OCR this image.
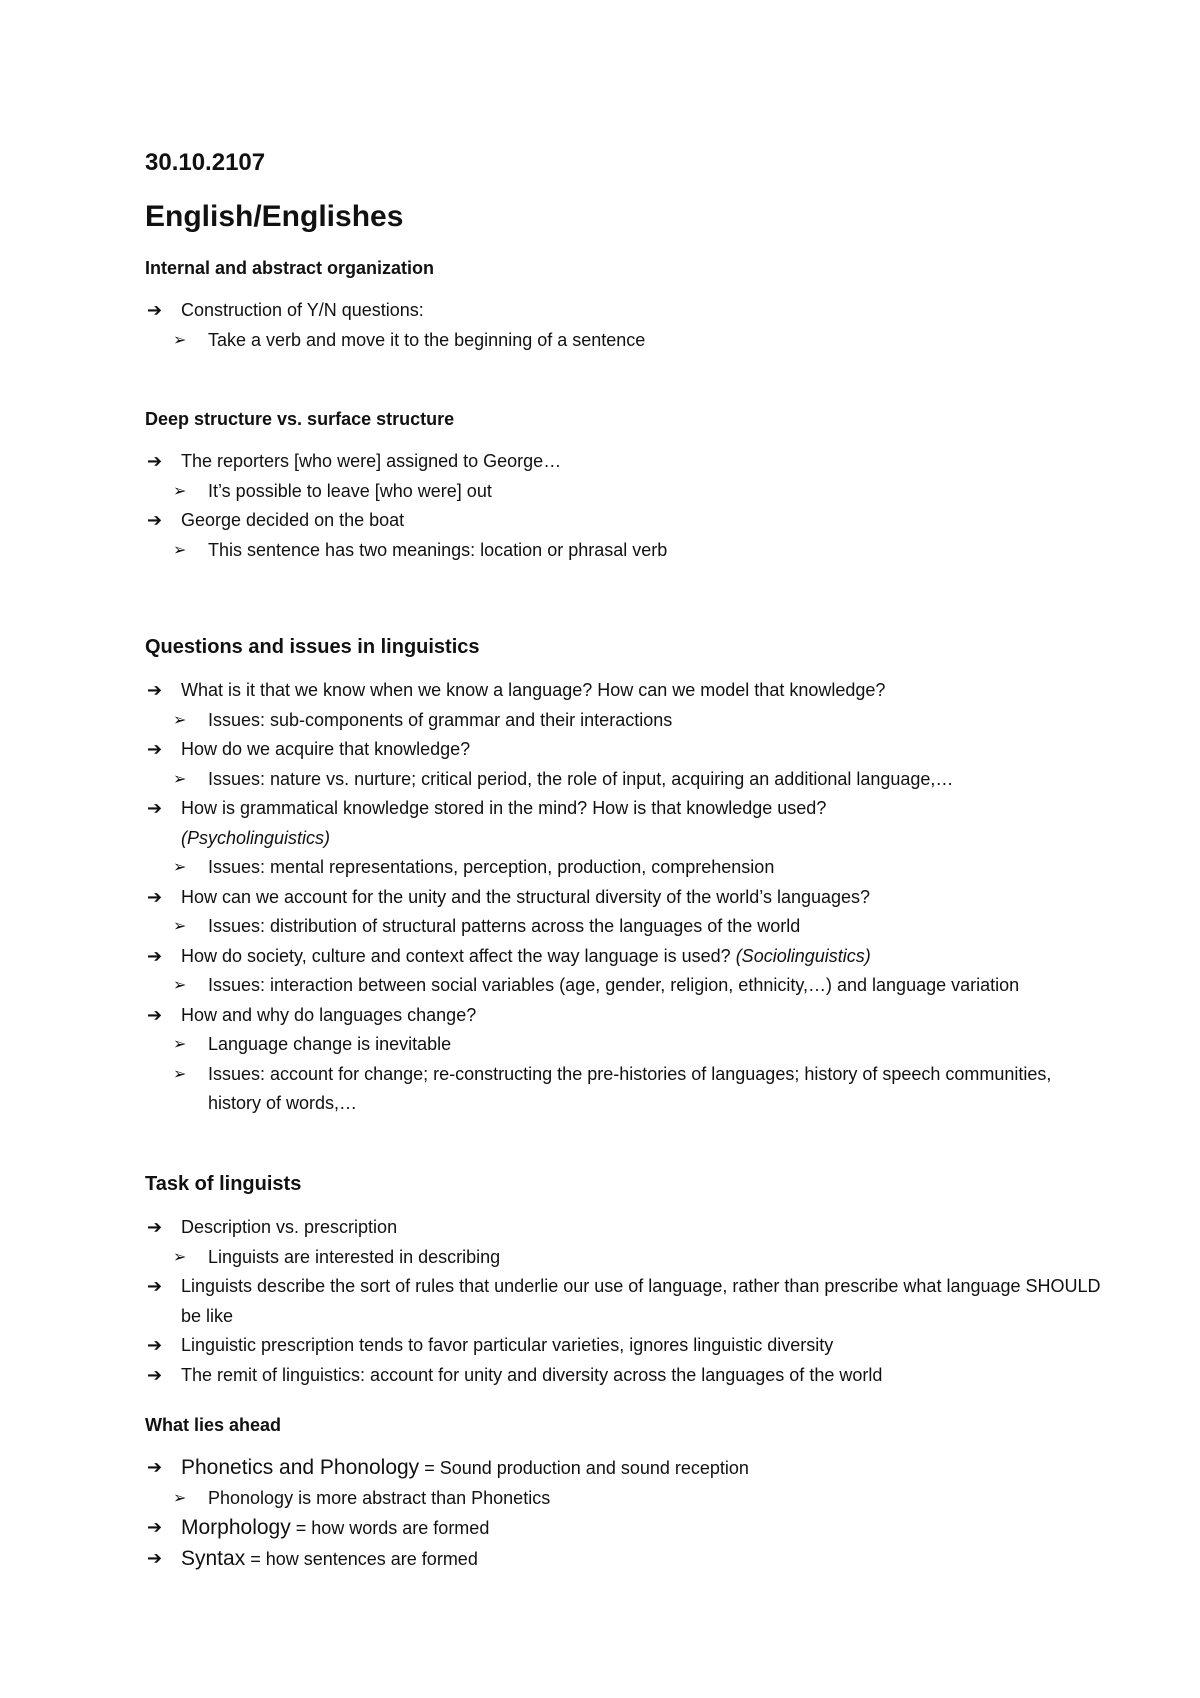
30.10.2107
English/Englishes
Internal and abstract organization
➔ Construction of Y/N questions:
➢ Take a verb and move it to the beginning of a sentence
Deep structure vs. surface structure
➔ The reporters [who were] assigned to George…
➢ It’s possible to leave [who were] out
➔ George decided on the boat
➢ This sentence has two meanings: location or phrasal verb
Questions and issues in linguistics
➔ What is it that we know when we know a language? How can we model that knowledge?
➢ Issues: sub-components of grammar and their interactions
➔ How do we acquire that knowledge?
➢ Issues: nature vs. nurture; critical period, the role of input, acquiring an additional language,…
➔ How is grammatical knowledge stored in the mind? How is that knowledge used?
(Psycholinguistics)
➢ Issues: mental representations, perception, production, comprehension
➔ How can we account for the unity and the structural diversity of the world’s languages?
➢ Issues: distribution of structural patterns across the languages of the world
➔ How do society, culture and context affect the way language is used? (Sociolinguistics)
➢ Issues: interaction between social variables (age, gender, religion, ethnicity,…) and language variation
➔ How and why do languages change?
➢ Language change is inevitable
➢ Issues: account for change; re-constructing the pre-histories of languages; history of speech communities, history of words,…
Task of linguists
➔ Description vs. prescription
➢ Linguists are interested in describing
➔ Linguists describe the sort of rules that underlie our use of language, rather than prescribe what language SHOULD be like
➔ Linguistic prescription tends to favor particular varieties, ignores linguistic diversity
➔ The remit of linguistics: account for unity and diversity across the languages of the world
What lies ahead
➔ Phonetics and Phonology = Sound production and sound reception
➢ Phonology is more abstract than Phonetics
➔ Morphology = how words are formed
➔ Syntax = how sentences are formed
